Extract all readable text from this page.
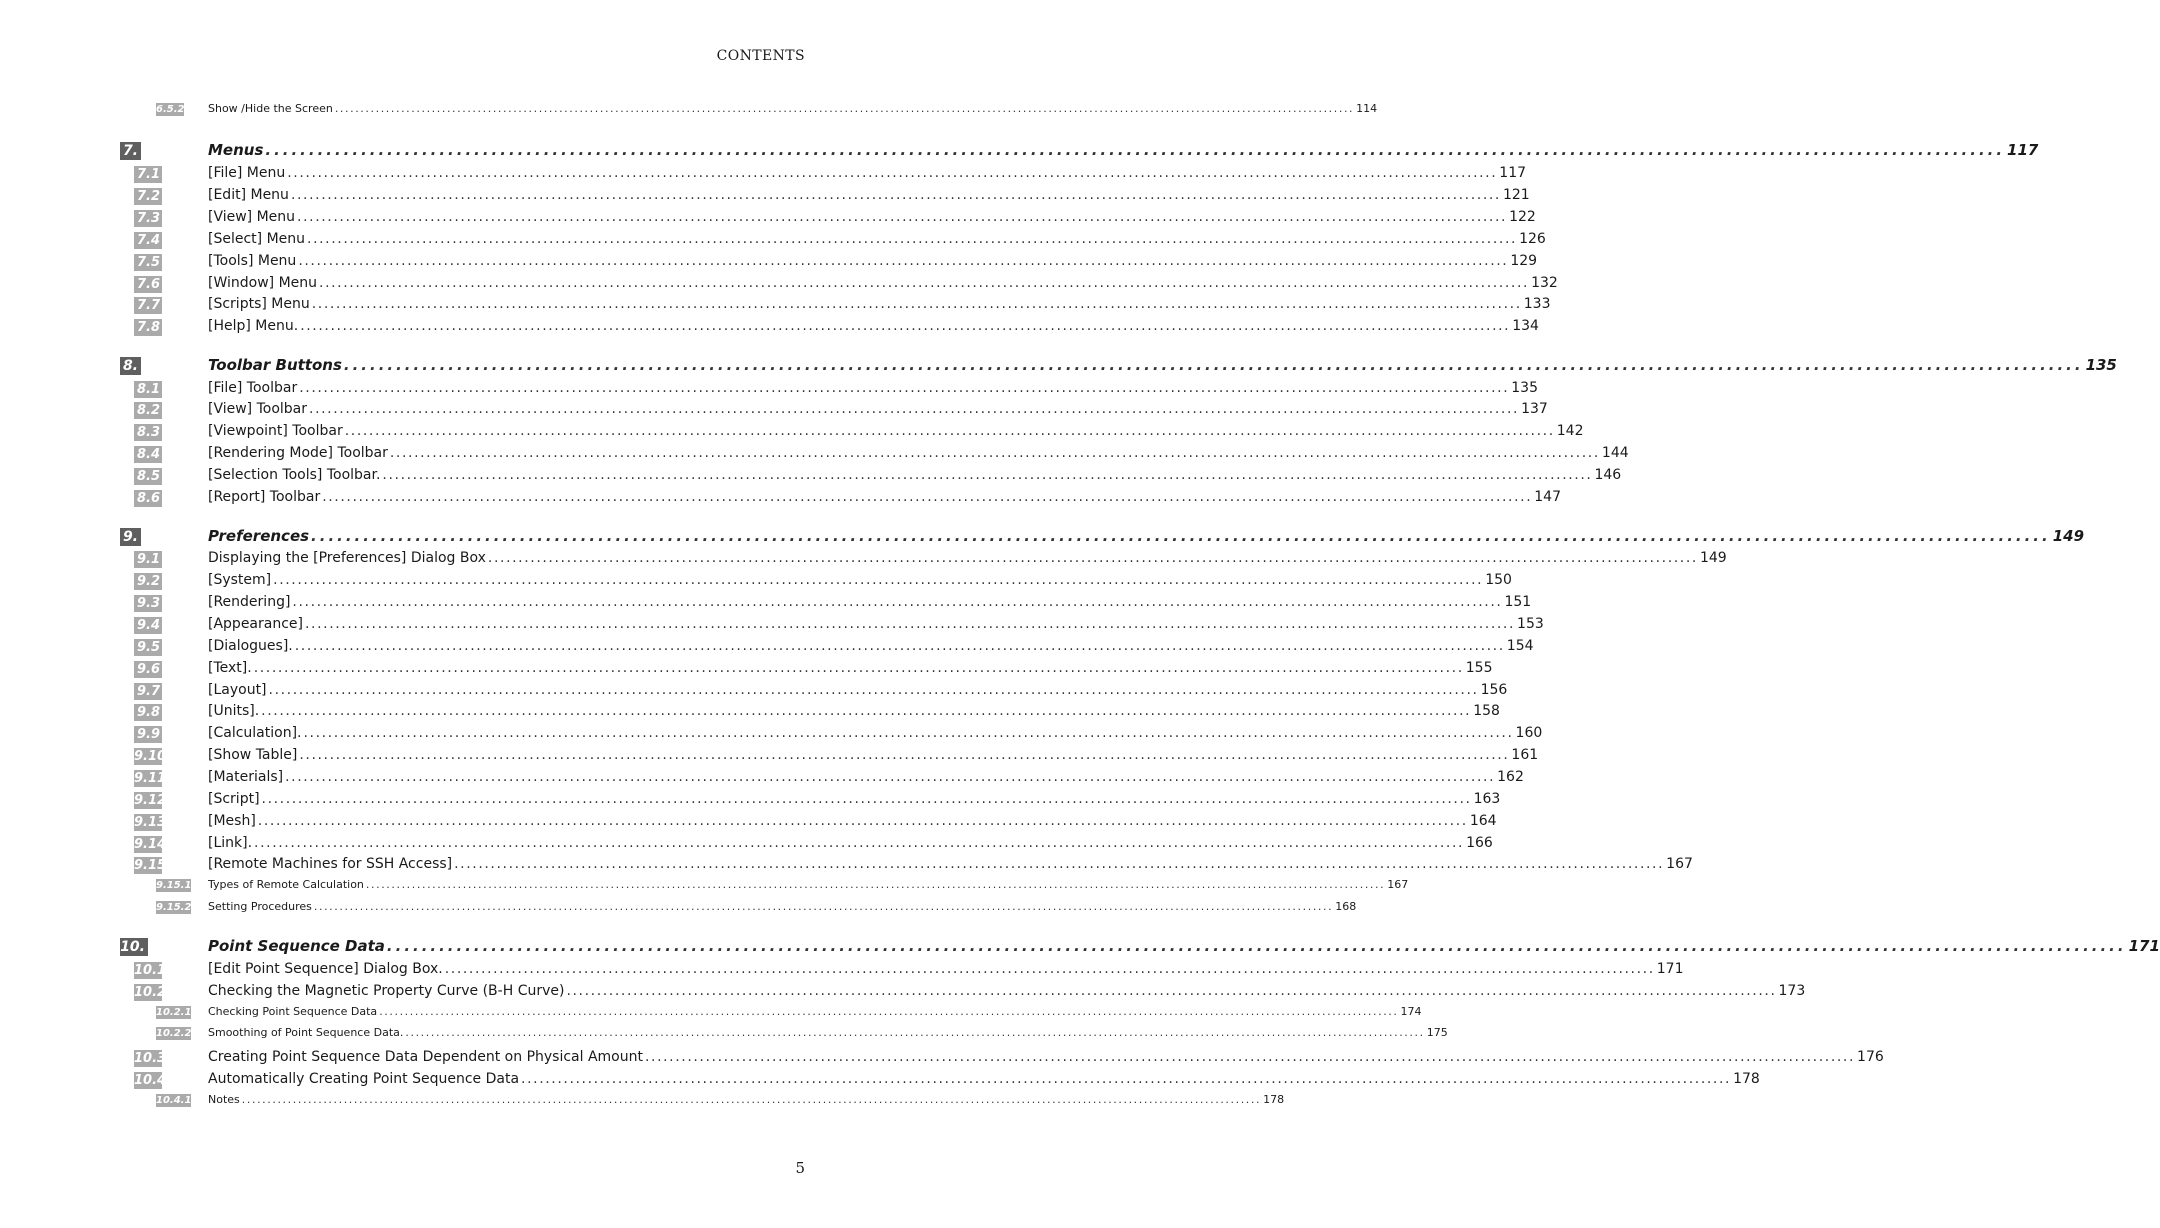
CONTENTS
6.5.2 Show /Hide the Screen ........................................................................................................................................................................................................ 114
7.	Menus ........................................................................................................................................................................................................ 117
7.1	[File] Menu ........................................................................................................................................................................................................ 117
7.2	[Edit] Menu ........................................................................................................................................................................................................ 121
7.3	[View] Menu ........................................................................................................................................................................................................ 122
7.4	[Select] Menu ........................................................................................................................................................................................................ 126
7.5	[Tools] Menu ........................................................................................................................................................................................................ 129
7.6	[Window] Menu ........................................................................................................................................................................................................ 132
7.7	[Scripts] Menu ........................................................................................................................................................................................................ 133
7.8	[Help] Menu. ........................................................................................................................................................................................................ 134
8.	Toolbar Buttons ........................................................................................................................................................................................................ 135
8.1	[File] Toolbar ........................................................................................................................................................................................................ 135
8.2	[View] Toolbar ........................................................................................................................................................................................................ 137
8.3	[Viewpoint] Toolbar ........................................................................................................................................................................................................ 142
8.4	[Rendering Mode] Toolbar ........................................................................................................................................................................................................ 144
8.5	[Selection Tools] Toolbar. ........................................................................................................................................................................................................ 146
8.6	[Report] Toolbar ........................................................................................................................................................................................................ 147
9.	Preferences ........................................................................................................................................................................................................ 149
9.1	Displaying the [Preferences] Dialog Box ........................................................................................................................................................................................................ 149
9.2	[System] ........................................................................................................................................................................................................ 150
9.3	[Rendering] ........................................................................................................................................................................................................ 151
9.4	[Appearance] ........................................................................................................................................................................................................ 153
9.5	[Dialogues]. ........................................................................................................................................................................................................ 154
9.6	[Text]. ........................................................................................................................................................................................................ 155
9.7	[Layout] ........................................................................................................................................................................................................ 156
9.8	[Units]. ........................................................................................................................................................................................................ 158
9.9	[Calculation]. ........................................................................................................................................................................................................ 160
9.10	[Show Table] ........................................................................................................................................................................................................ 161
9.11	[Materials] ........................................................................................................................................................................................................ 162
9.12	[Script] ........................................................................................................................................................................................................ 163
9.13	[Mesh] ........................................................................................................................................................................................................ 164
9.14	[Link]. ........................................................................................................................................................................................................ 166
9.15	[Remote Machines for SSH Access] ........................................................................................................................................................................................................ 167
9.15.1 Types of Remote Calculation ........................................................................................................................................................................................................ 167
9.15.2 Setting Procedures ........................................................................................................................................................................................................ 168
10.	Point Sequence Data ........................................................................................................................................................................................................ 171
10.1	[Edit Point Sequence] Dialog Box. ........................................................................................................................................................................................................ 171
10.2	Checking the Magnetic Property Curve (B-H Curve) ........................................................................................................................................................................................................ 173
10.2.1 Checking Point Sequence Data ........................................................................................................................................................................................................ 174
10.2.2 Smoothing of Point Sequence Data. ........................................................................................................................................................................................................ 175
10.3	Creating Point Sequence Data Dependent on Physical Amount ........................................................................................................................................................................................................ 176
10.4	Automatically Creating Point Sequence Data ........................................................................................................................................................................................................ 178
10.4.1 Notes ........................................................................................................................................................................................................ 178
5
